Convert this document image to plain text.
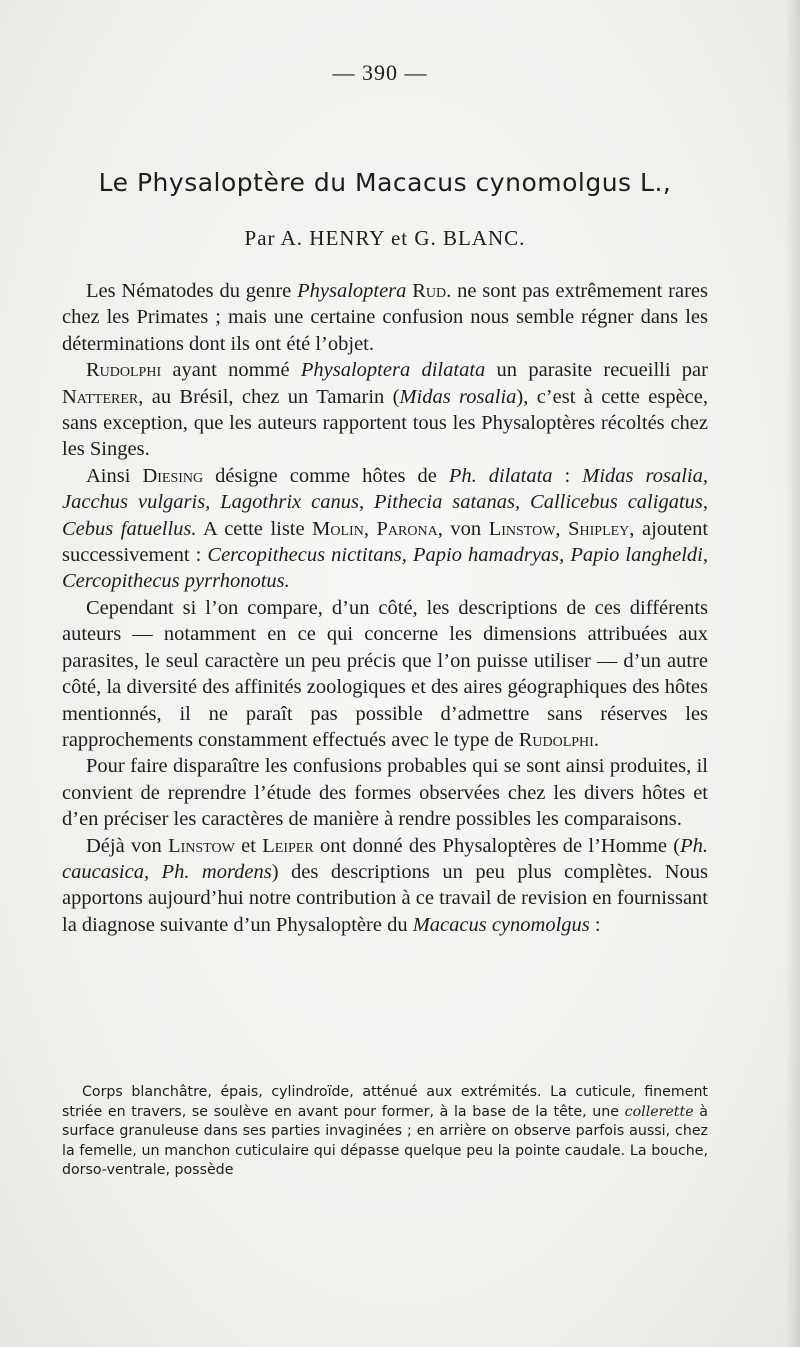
— 390 —
Le Physaloptère du Macacus cynomolgus L.,
Par A. HENRY et G. BLANC.

Les Nématodes du genre Physaloptera Rud. ne sont pas extrêmement rares chez les Primates ; mais une certaine confusion nous semble régner dans les déterminations dont ils ont été l’objet.

Rudolphi ayant nommé Physaloptera dilatata un parasite recueilli par Natterer, au Brésil, chez un Tamarin (Midas rosalia), c’est à cette espèce, sans exception, que les auteurs rapportent tous les Physaloptères récoltés chez les Singes.

Ainsi Diesing désigne comme hôtes de Ph. dilatata : Midas rosalia, Jacchus vulgaris, Lagothrix canus, Pithecia satanas, Callicebus caligatus, Cebus fatuellus. A cette liste Molin, Parona, von Linstow, Shipley, ajoutent successivement : Cercopithecus nictitans, Papio hamadryas, Papio langheldi, Cercopithecus pyrrhonotus.

Cependant si l’on compare, d’un côté, les descriptions de ces différents auteurs — notamment en ce qui concerne les dimensions attribuées aux parasites, le seul caractère un peu précis que l’on puisse utiliser — d’un autre côté, la diversité des affinités zoologiques et des aires géographiques des hôtes mentionnés, il ne paraît pas possible d’admettre sans réserves les rapprochements constamment effectués avec le type de Rudolphi.

Pour faire disparaître les confusions probables qui se sont ainsi produites, il convient de reprendre l’étude des formes observées chez les divers hôtes et d’en préciser les caractères de manière à rendre possibles les comparaisons.

Déjà von Linstow et Leiper ont donné des Physaloptères de l’Homme (Ph. caucasica, Ph. mordens) des descriptions un peu plus complètes. Nous apportons aujourd’hui notre contribution à ce travail de revision en fournissant la diagnose suivante d’un Physaloptère du Macacus cynomolgus :

Corps blanchâtre, épais, cylindroïde, atténué aux extrémités. La cuticule, finement striée en travers, se soulève en avant pour former, à la base de la tête, une collerette à surface granuleuse dans ses parties invaginées ; en arrière on observe parfois aussi, chez la femelle, un manchon cuticulaire qui dépasse quelque peu la pointe caudale. La bouche, dorso-ventrale, possède
